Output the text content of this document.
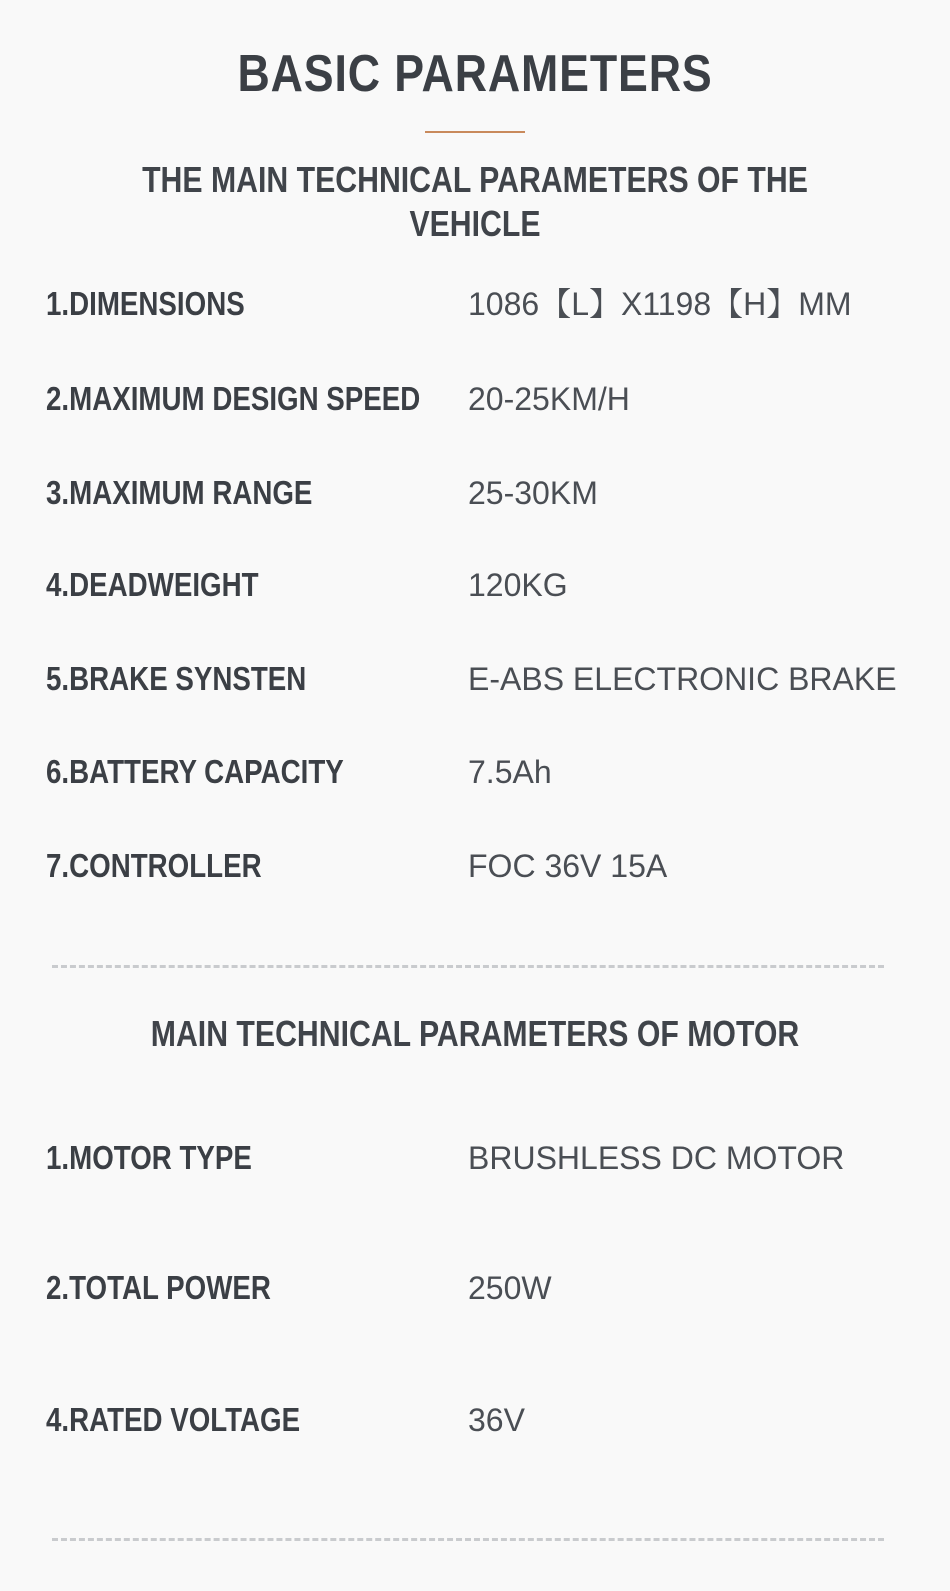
BASIC PARAMETERS
THE MAIN TECHNICAL PARAMETERS OF THE VEHICLE
1.DIMENSIONS	1086【L】X1198【H】MM
2.MAXIMUM DESIGN SPEED 20-25KM/H
3.MAXIMUM RANGE	25-30KM
4.DEADWEIGHT	120KG
5.BRAKE SYNSTEN	E-ABS ELECTRONIC BRAKE
6.BATTERY CAPACITY	7.5Ah
7.CONTROLLER	FOC 36V 15A
MAIN TECHNICAL PARAMETERS OF MOTOR
1.MOTOR TYPE	BRUSHLESS DC MOTOR
2.TOTAL POWER	250W
4.RATED VOLTAGE	36V
